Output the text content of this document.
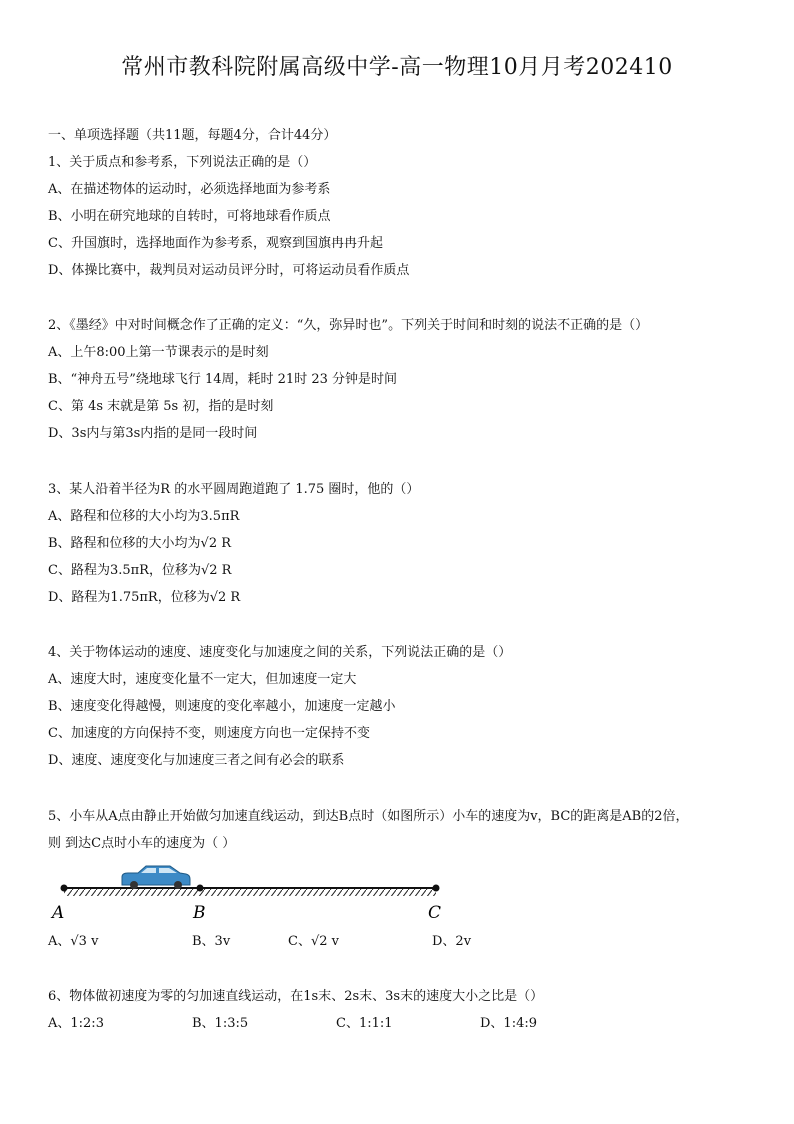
常州市教科院附属高级中学-高一物理10月月考202410
一、单项选择题（共11题，每题4分，合计44分）
1、关于质点和参考系，下列说法正确的是（）
A、在描述物体的运动时，必须选择地面为参考系
B、小明在研究地球的自转时，可将地球看作质点
C、升国旗时，选择地面作为参考系，观察到国旗冉冉升起
D、体操比赛中，裁判员对运动员评分时，可将运动员看作质点
2、《墨经》中对时间概念作了正确的定义：“久，弥异时也”。下列关于时间和时刻的说法不正确的是（）
A、上午8:00上第一节课表示的是时刻
B、“神舟五号”绕地球飞行 14周，耗时 21时 23 分钟是时间
C、第 4s 末就是第 5s 初，指的是时刻
D、3s内与第3s内指的是同一段时间
3、某人沿着半径为R 的水平圆周跑道跑了 1.75 圈时，他的（）
A、路程和位移的大小均为3.5πR
B、路程和位移的大小均为√2 R
C、路程为3.5πR，位移为√2 R
D、路程为1.75πR，位移为√2 R
4、关于物体运动的速度、速度变化与加速度之间的关系，下列说法正确的是（）
A、速度大时，速度变化量不一定大，但加速度一定大
B、速度变化得越慢，则速度的变化率越小，加速度一定越小
C、加速度的方向保持不变，则速度方向也一定保持不变
D、速度、速度变化与加速度三者之间有必会的联系
5、小车从A点由静止开始做匀加速直线运动，到达B点时（如图所示）小车的速度为v，BC的距离是AB的2倍，
则 到达C点时小车的速度为（ ）
A	B	C
A、√3 v	B、3v	C、√2 v	D、2v
6、物体做初速度为零的匀加速直线运动，在1s末、2s末、3s末的速度大小之比是（）
A、1:2:3	B、1:3:5	C、1:1:1	D、1:4:9
